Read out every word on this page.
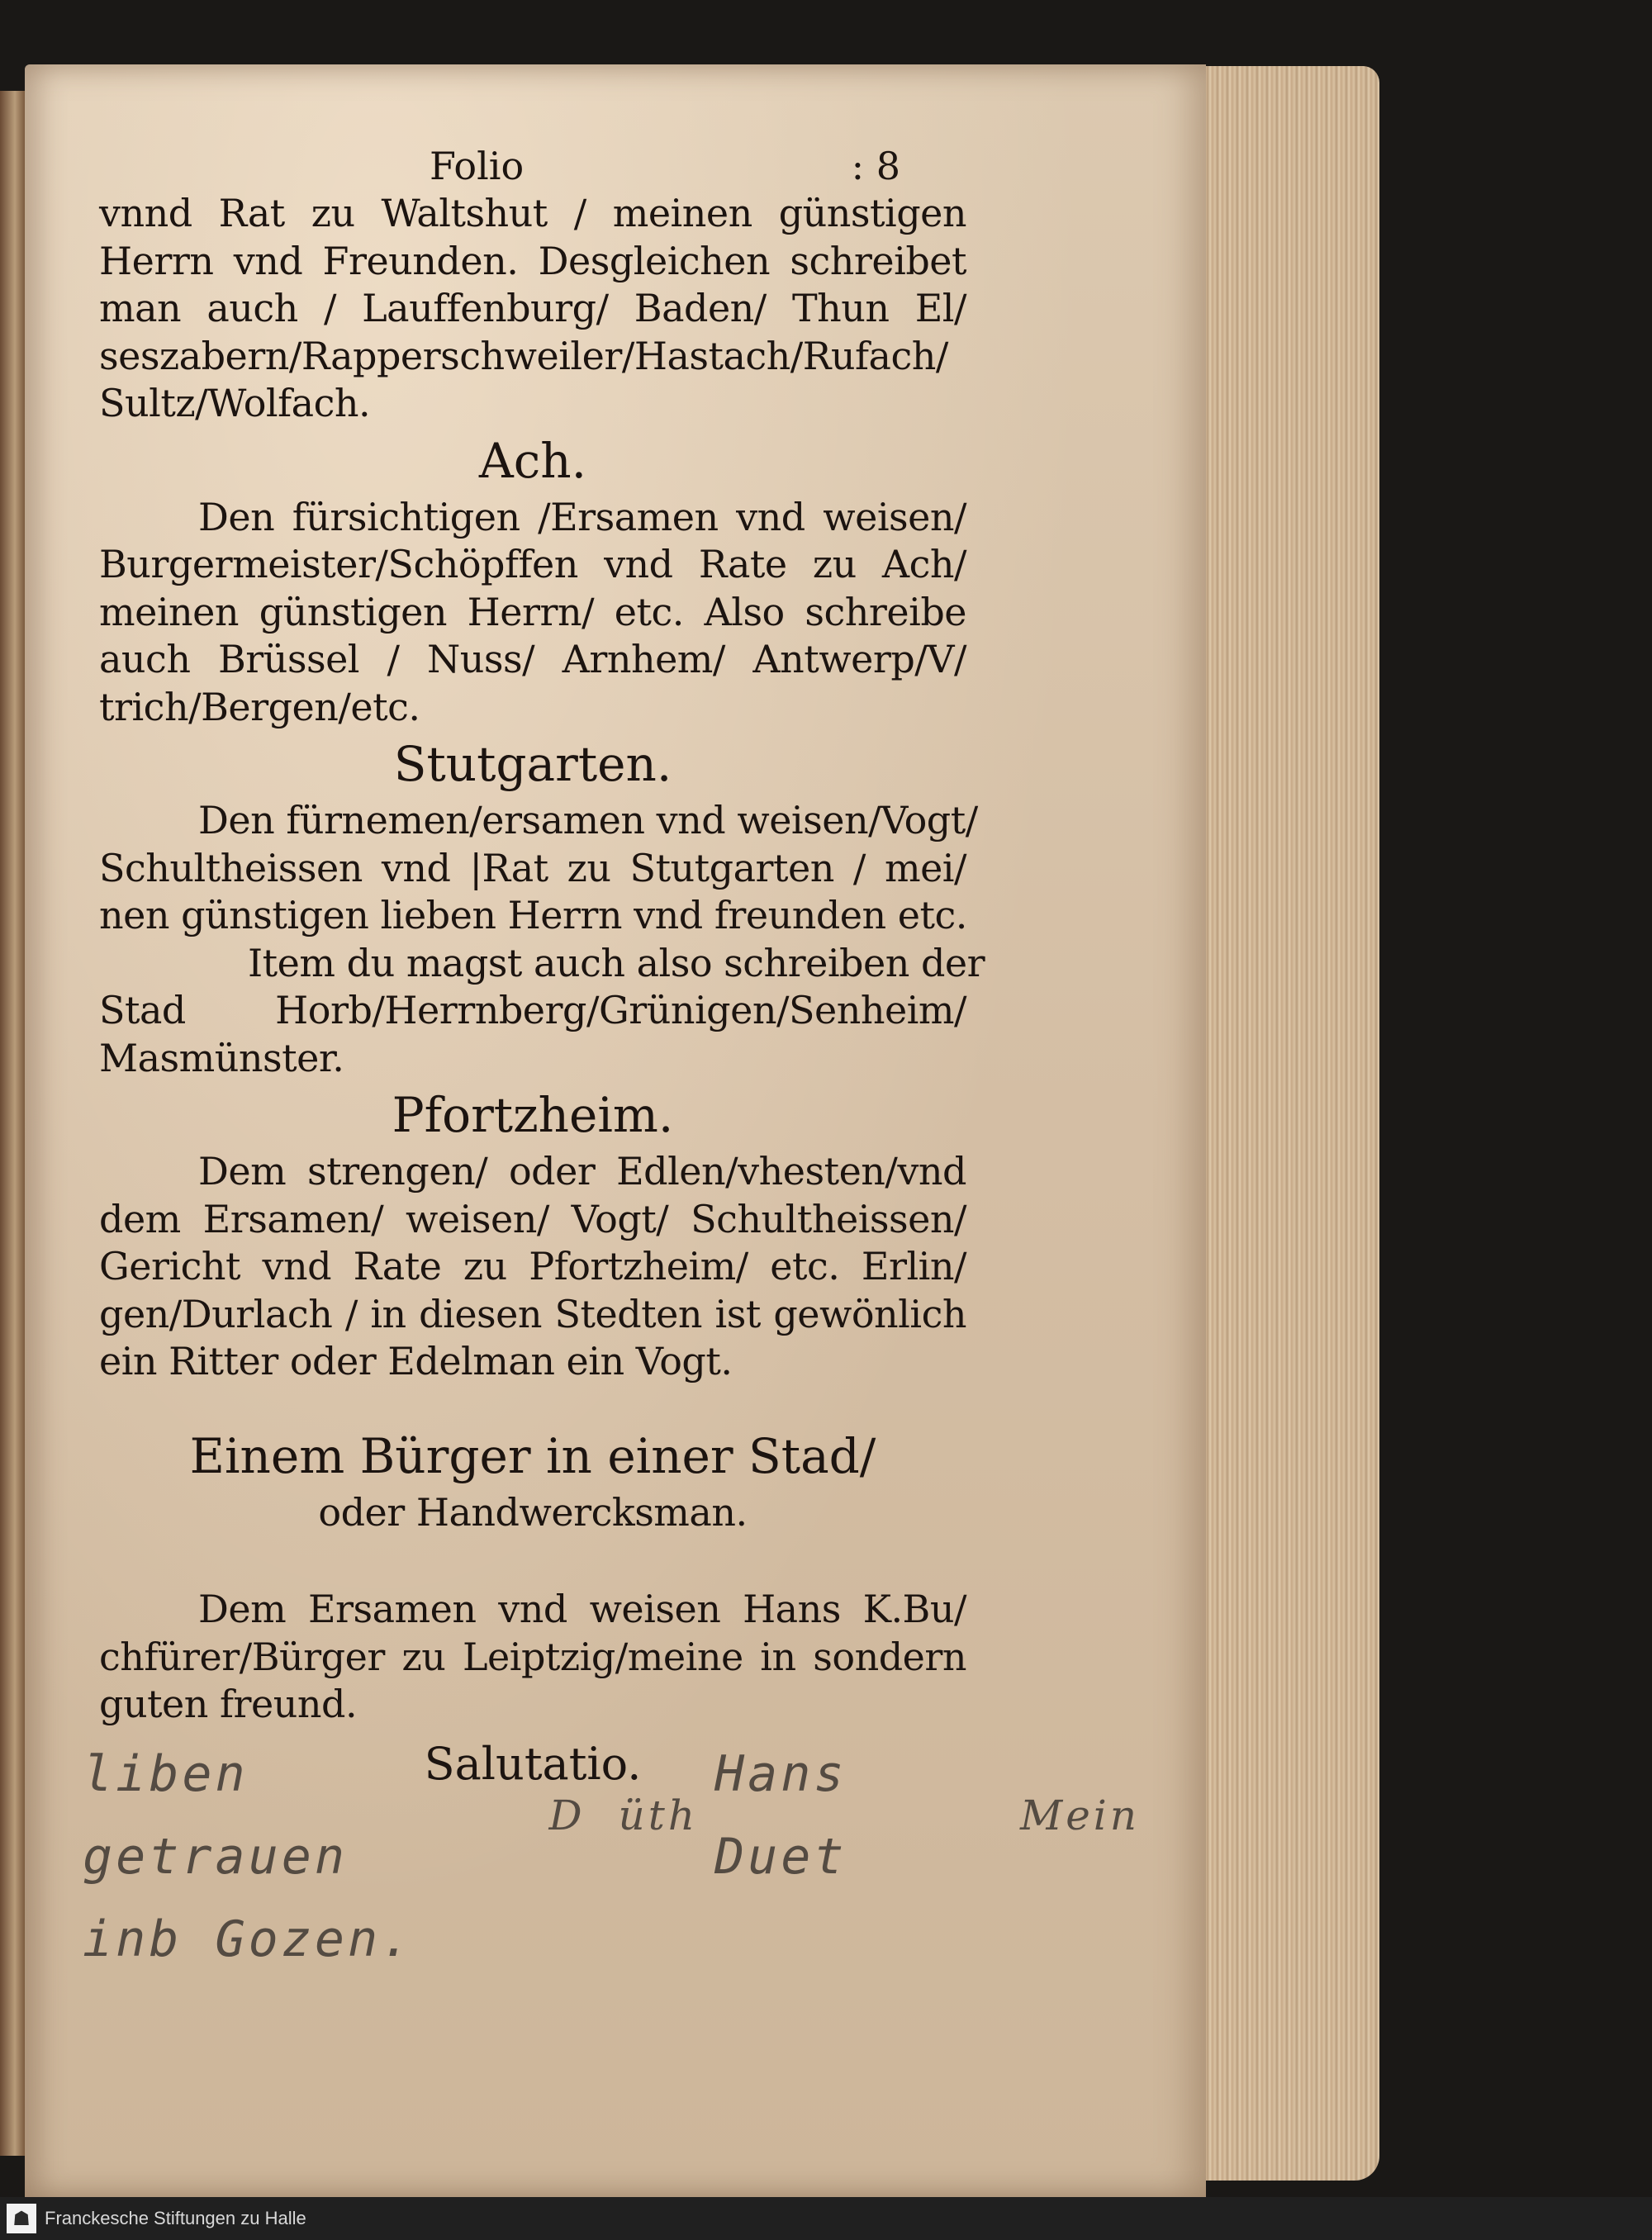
Folio	: 8
vnnd Rat zu Waltshut / meinen günstigen
Herrn vnd Freunden. Desgleichen schreibet
man auch / Lauffenburg/ Baden/ Thun El/
seszabern/Rapperschweiler/Hastach/Rufach/
Sultz/Wolfach.
Ach.
Den fürsichtigen /Ersamen vnd weisen/
Burgermeister/Schöpffen vnd Rate zu Ach/
meinen günstigen Herrn/ etc. Also schreibe
auch Brüssel / Nuss/ Arnhem/ Antwerp/V/
trich/Bergen/etc.
Stutgarten.
Den fürnemen/ersamen vnd weisen/Vogt/
Schultheissen vnd |Rat zu Stutgarten / mei/
nen günstigen lieben Herrn vnd freunden etc.
Item du magst auch also schreiben der
Stad Horb/Herrnberg/Grünigen/Senheim/
Masmünster.
Pfortzheim.
Dem strengen/ oder Edlen/vhesten/vnd
dem Ersamen/ weisen/ Vogt/ Schultheissen/
Gericht vnd Rate zu Pfortzheim/ etc. Erlin/
gen/Durlach / in diesen Stedten ist gewönlich
ein Ritter oder Edelman ein Vogt.
Einem Bürger in einer Stad/
oder Handwercksman.
Dem Ersamen vnd weisen Hans K.Bu/
chfürer/Bürger zu Leiptzig/meine in sondern
guten freund.
Salutatio.
liben getrauen
D üth
Hans Duet
Mein
inb Gozen.
☗ Franckesche Stiftungen zu Halle
